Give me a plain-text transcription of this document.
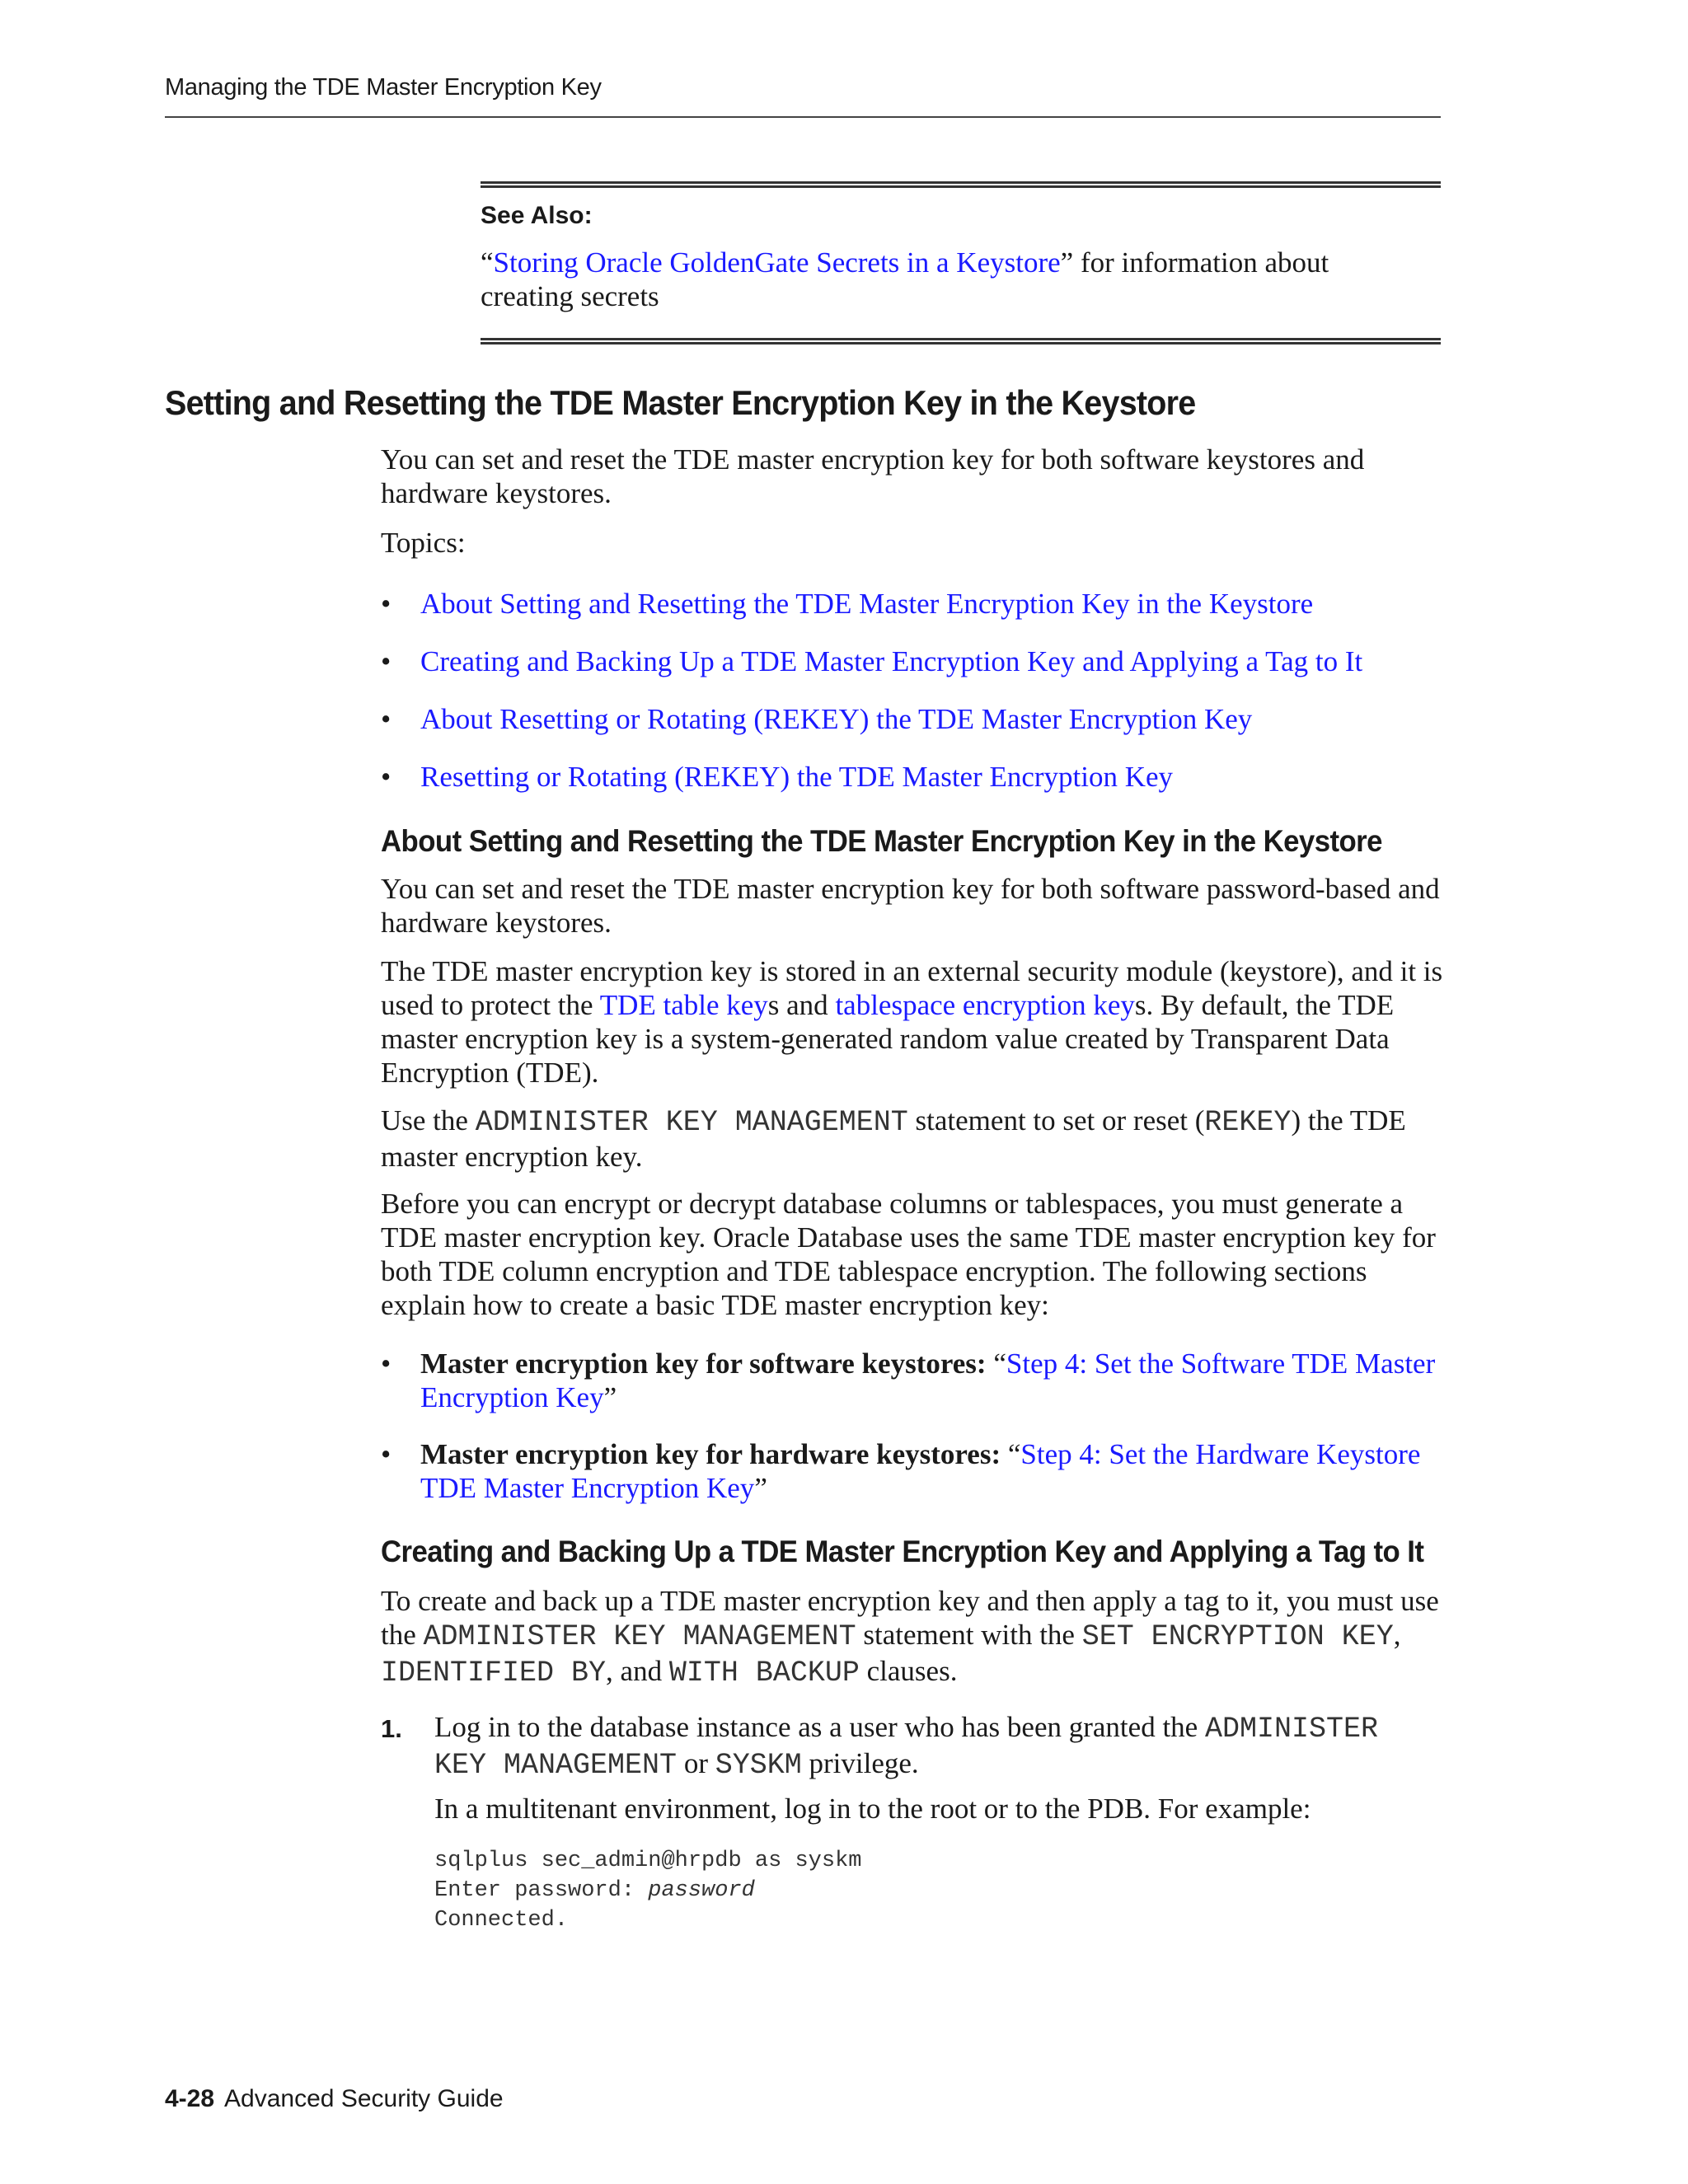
Managing the TDE Master Encryption Key
See Also:
“Storing Oracle GoldenGate Secrets in a Keystore” for information about creating secrets
Setting and Resetting the TDE Master Encryption Key in the Keystore
You can set and reset the TDE master encryption key for both software keystores and hardware keystores.
Topics:
• About Setting and Resetting the TDE Master Encryption Key in the Keystore
• Creating and Backing Up a TDE Master Encryption Key and Applying a Tag to It
• About Resetting or Rotating (REKEY) the TDE Master Encryption Key
• Resetting or Rotating (REKEY) the TDE Master Encryption Key
About Setting and Resetting the TDE Master Encryption Key in the Keystore
You can set and reset the TDE master encryption key for both software password-based and hardware keystores.
The TDE master encryption key is stored in an external security module (keystore), and it is used to protect the TDE table keys and tablespace encryption keys. By default, the TDE master encryption key is a system-generated random value created by Transparent Data Encryption (TDE).
Use the ADMINISTER KEY MANAGEMENT statement to set or reset (REKEY) the TDE master encryption key.
Before you can encrypt or decrypt database columns or tablespaces, you must generate a TDE master encryption key. Oracle Database uses the same TDE master encryption key for both TDE column encryption and TDE tablespace encryption. The following sections explain how to create a basic TDE master encryption key:
• Master encryption key for software keystores: “Step 4: Set the Software TDE Master Encryption Key”
• Master encryption key for hardware keystores: “Step 4: Set the Hardware Keystore TDE Master Encryption Key”
Creating and Backing Up a TDE Master Encryption Key and Applying a Tag to It
To create and back up a TDE master encryption key and then apply a tag to it, you must use the ADMINISTER KEY MANAGEMENT statement with the SET ENCRYPTION KEY, IDENTIFIED BY, and WITH BACKUP clauses.
1. Log in to the database instance as a user who has been granted the ADMINISTER KEY MANAGEMENT or SYSKM privilege.
In a multitenant environment, log in to the root or to the PDB. For example:
sqlplus sec_admin@hrpdb as syskm
Enter password: password
Connected.
4-28 Advanced Security Guide
